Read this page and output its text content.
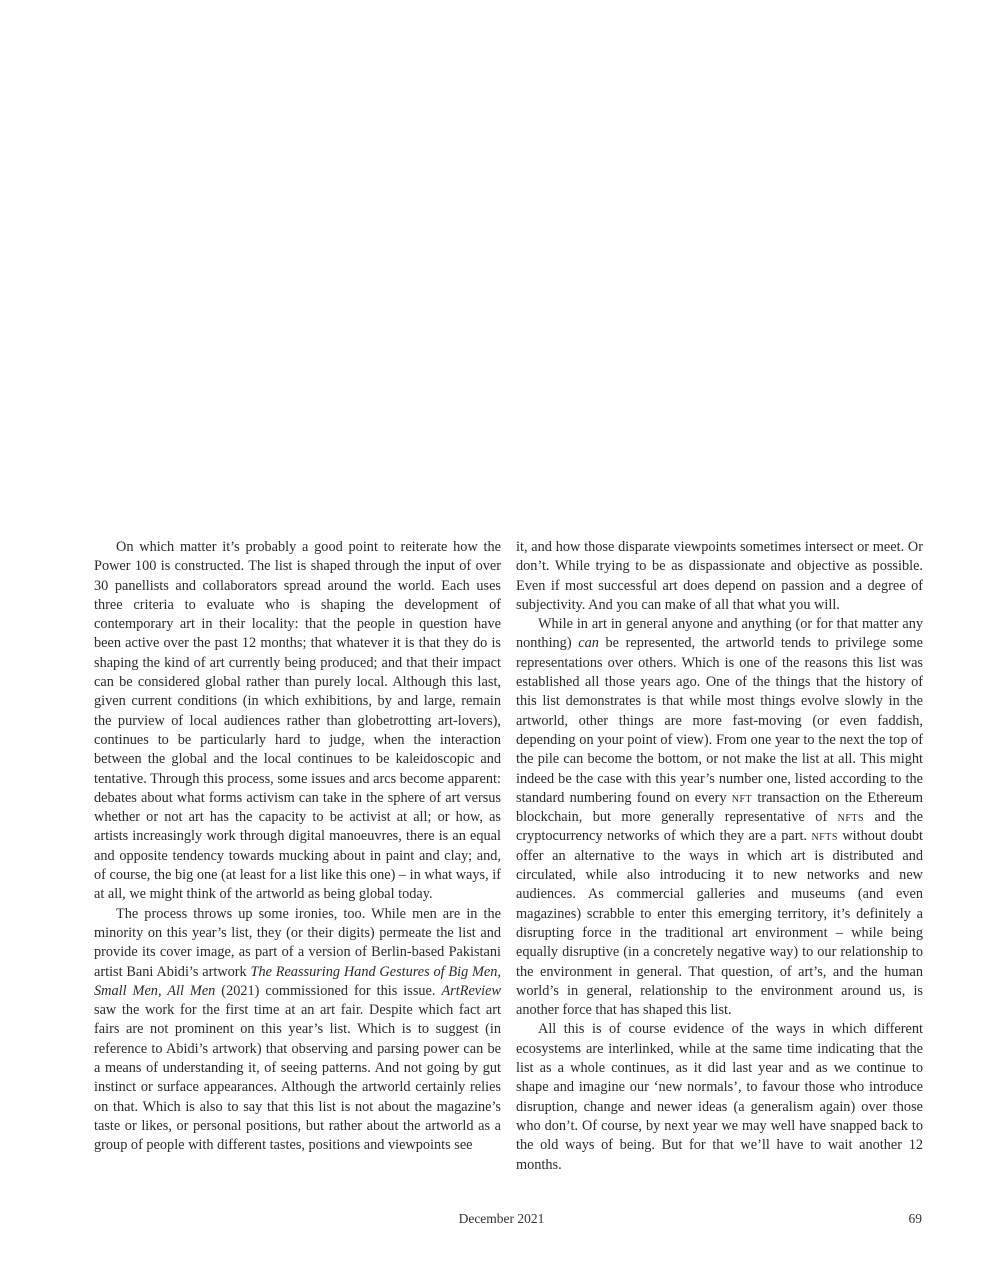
On which matter it’s probably a good point to reiterate how the Power 100 is constructed. The list is shaped through the input of over 30 panellists and collaborators spread around the world. Each uses three criteria to evaluate who is shaping the development of contemporary art in their locality: that the people in question have been active over the past 12 months; that whatever it is that they do is shaping the kind of art currently being produced; and that their impact can be considered global rather than purely local. Although this last, given current conditions (in which exhibitions, by and large, remain the purview of local audiences rather than globetrotting art-lovers), continues to be particularly hard to judge, when the interaction between the global and the local continues to be kaleidoscopic and tentative. Through this process, some issues and arcs become apparent: debates about what forms activism can take in the sphere of art versus whether or not art has the capacity to be activist at all; or how, as artists increasingly work through digital manoeuvres, there is an equal and opposite tendency towards mucking about in paint and clay; and, of course, the big one (at least for a list like this one) – in what ways, if at all, we might think of the artworld as being global today.

The process throws up some ironies, too. While men are in the minority on this year’s list, they (or their digits) permeate the list and provide its cover image, as part of a version of Berlin-based Pakistani artist Bani Abidi’s artwork The Reassuring Hand Gestures of Big Men, Small Men, All Men (2021) commissioned for this issue. ArtReview saw the work for the first time at an art fair. Despite which fact art fairs are not prominent on this year’s list. Which is to suggest (in reference to Abidi’s artwork) that observing and parsing power can be a means of understanding it, of seeing patterns. And not going by gut instinct or surface appearances. Although the artworld certainly relies on that. Which is also to say that this list is not about the magazine’s taste or likes, or personal positions, but rather about the artworld as a group of people with different tastes, positions and viewpoints see

it, and how those disparate viewpoints sometimes intersect or meet. Or don’t. While trying to be as dispassionate and objective as possible. Even if most successful art does depend on passion and a degree of subjectivity. And you can make of all that what you will.

While in art in general anyone and anything (or for that matter any nonthing) can be represented, the artworld tends to privilege some representations over others. Which is one of the reasons this list was established all those years ago. One of the things that the history of this list demonstrates is that while most things evolve slowly in the artworld, other things are more fast-moving (or even faddish, depending on your point of view). From one year to the next the top of the pile can become the bottom, or not make the list at all. This might indeed be the case with this year’s number one, listed according to the standard numbering found on every nft transaction on the Ethereum blockchain, but more generally representative of nfts and the cryptocurrency networks of which they are a part. nfts without doubt offer an alternative to the ways in which art is distributed and circulated, while also introducing it to new networks and new audiences. As commercial galleries and museums (and even magazines) scrabble to enter this emerging territory, it’s definitely a disrupting force in the traditional art environment – while being equally disruptive (in a concretely negative way) to our relationship to the environment in general. That question, of art’s, and the human world’s in general, relationship to the environment around us, is another force that has shaped this list.

All this is of course evidence of the ways in which different ecosystems are interlinked, while at the same time indicating that the list as a whole continues, as it did last year and as we continue to shape and imagine our ‘new normals’, to favour those who introduce disruption, change and newer ideas (a generalism again) over those who don’t. Of course, by next year we may well have snapped back to the old ways of being. But for that we’ll have to wait another 12 months.

December 2021	69
